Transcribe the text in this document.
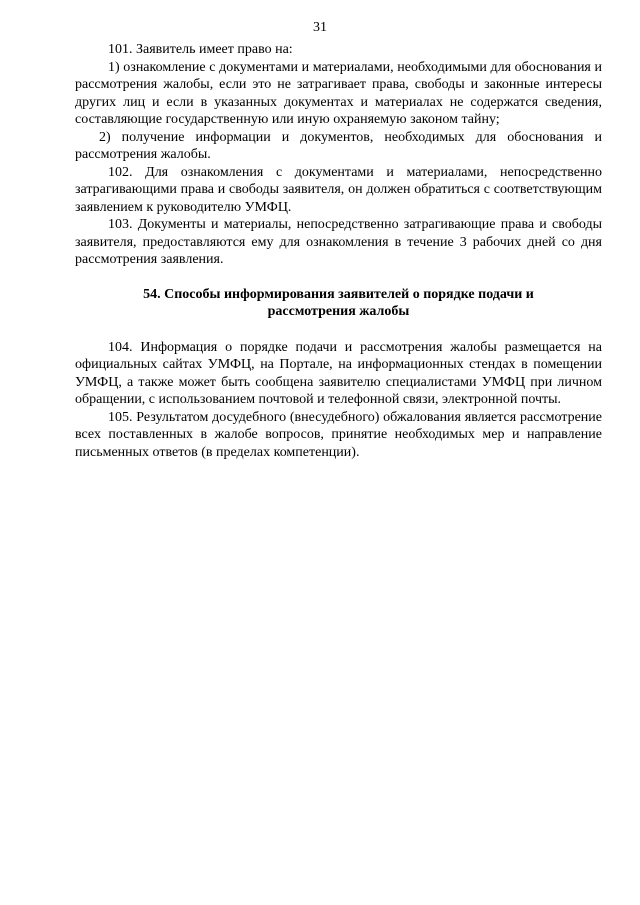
31

101. Заявитель имеет право на:

1) ознакомление с документами и материалами, необходимыми для обоснования и рассмотрения жалобы, если это не затрагивает права, свободы и законные интересы других лиц и если в указанных документах и материалах не содержатся сведения, составляющие государственную или иную охраняемую законом тайну;

2) получение информации и документов, необходимых для обоснования и рассмотрения жалобы.

102. Для ознакомления с документами и материалами, непосредственно затрагивающими права и свободы заявителя, он должен обратиться с соответствующим заявлением к руководителю УМФЦ.

103. Документы и материалы, непосредственно затрагивающие права и свободы заявителя, предоставляются ему для ознакомления в течение 3 рабочих дней со дня рассмотрения заявления.

54. Способы информирования заявителей о порядке подачи и
рассмотрения жалобы

104. Информация о порядке подачи и рассмотрения жалобы размещается на официальных сайтах УМФЦ, на Портале, на информационных стендах в помещении УМФЦ, а также может быть сообщена заявителю специалистами УМФЦ при личном обращении, с использованием почтовой и телефонной связи, электронной почты.

105. Результатом досудебного (внесудебного) обжалования является рассмотрение всех поставленных в жалобе вопросов, принятие необходимых мер и направление письменных ответов (в пределах компетенции).
